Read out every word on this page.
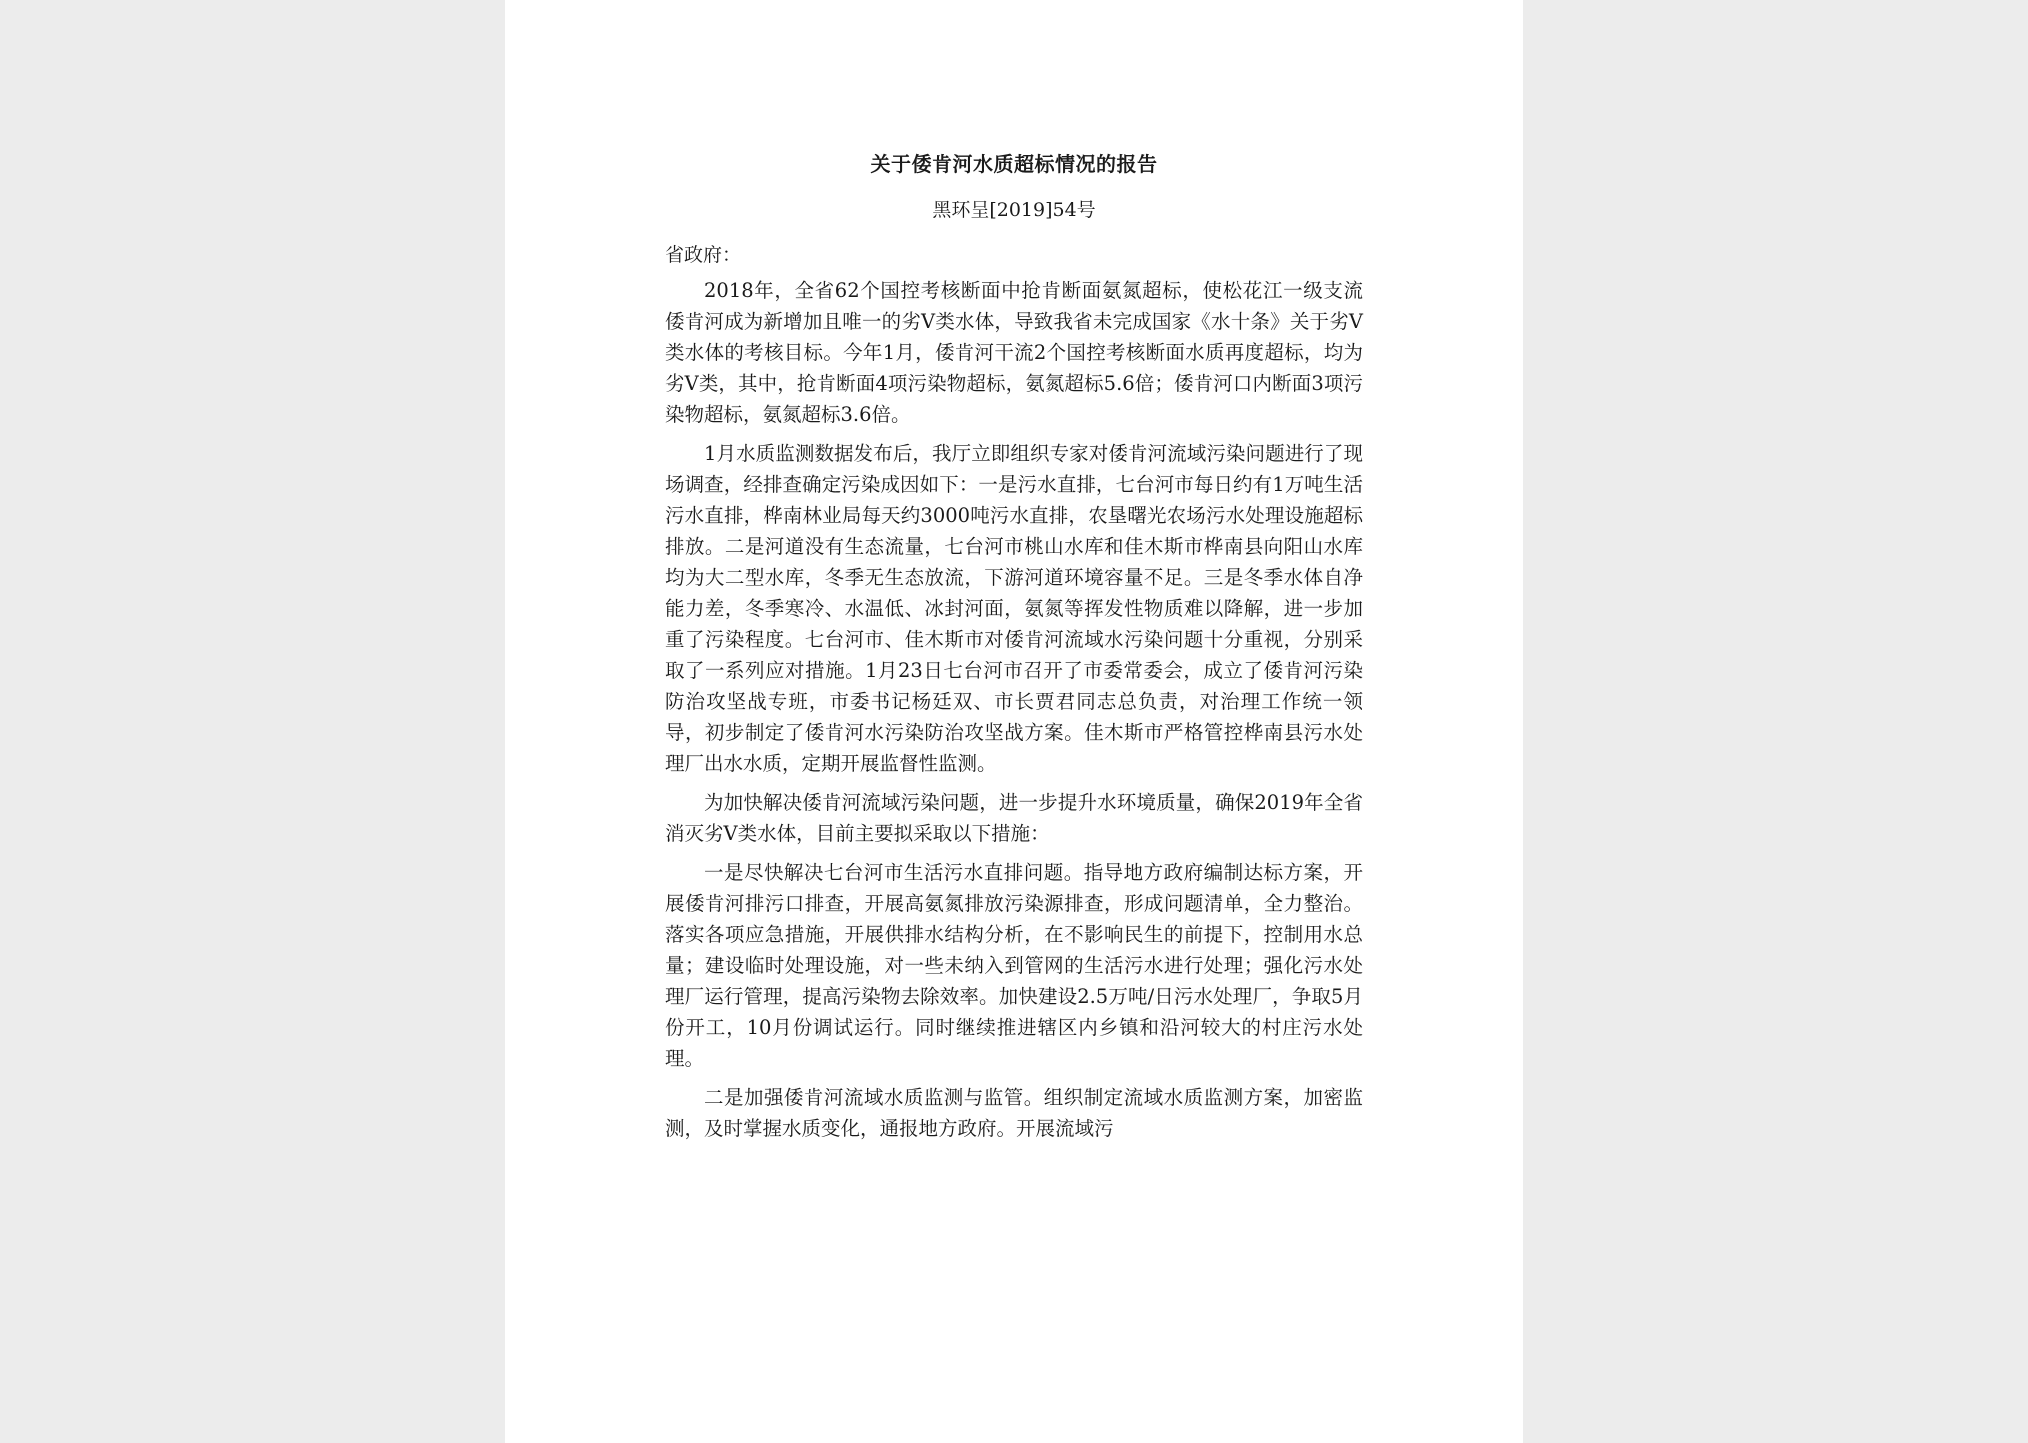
关于倭肯河水质超标情况的报告
黑环呈[2019]54号
省政府：

2018年，全省62个国控考核断面中抢肯断面氨氮超标，使松花江一级支流倭肯河成为新增加且唯一的劣Ⅴ类水体，导致我省未完成国家《水十条》关于劣Ⅴ类水体的考核目标。今年1月，倭肯河干流2个国控考核断面水质再度超标，均为劣Ⅴ类，其中，抢肯断面4项污染物超标，氨氮超标5.6倍；倭肯河口内断面3项污染物超标，氨氮超标3.6倍。

1月水质监测数据发布后，我厅立即组织专家对倭肯河流域污染问题进行了现场调查，经排查确定污染成因如下：一是污水直排，七台河市每日约有1万吨生活污水直排，桦南林业局每天约3000吨污水直排，农垦曙光农场污水处理设施超标排放。二是河道没有生态流量，七台河市桃山水库和佳木斯市桦南县向阳山水库均为大二型水库，冬季无生态放流，下游河道环境容量不足。三是冬季水体自净能力差，冬季寒冷、水温低、冰封河面，氨氮等挥发性物质难以降解，进一步加重了污染程度。七台河市、佳木斯市对倭肯河流域水污染问题十分重视，分别采取了一系列应对措施。1月23日七台河市召开了市委常委会，成立了倭肯河污染防治攻坚战专班，市委书记杨廷双、市长贾君同志总负责，对治理工作统一领导，初步制定了倭肯河水污染防治攻坚战方案。佳木斯市严格管控桦南县污水处理厂出水水质，定期开展监督性监测。

为加快解决倭肯河流域污染问题，进一步提升水环境质量，确保2019年全省消灭劣Ⅴ类水体，目前主要拟采取以下措施：

一是尽快解决七台河市生活污水直排问题。指导地方政府编制达标方案，开展倭肯河排污口排查，开展高氨氮排放污染源排查，形成问题清单，全力整治。落实各项应急措施，开展供排水结构分析，在不影响民生的前提下，控制用水总量；建设临时处理设施，对一些未纳入到管网的生活污水进行处理；强化污水处理厂运行管理，提高污染物去除效率。加快建设2.5万吨/日污水处理厂，争取5月份开工，10月份调试运行。同时继续推进辖区内乡镇和沿河较大的村庄污水处理。

二是加强倭肯河流域水质监测与监管。组织制定流域水质监测方案，加密监测，及时掌握水质变化，通报地方政府。开展流域污
